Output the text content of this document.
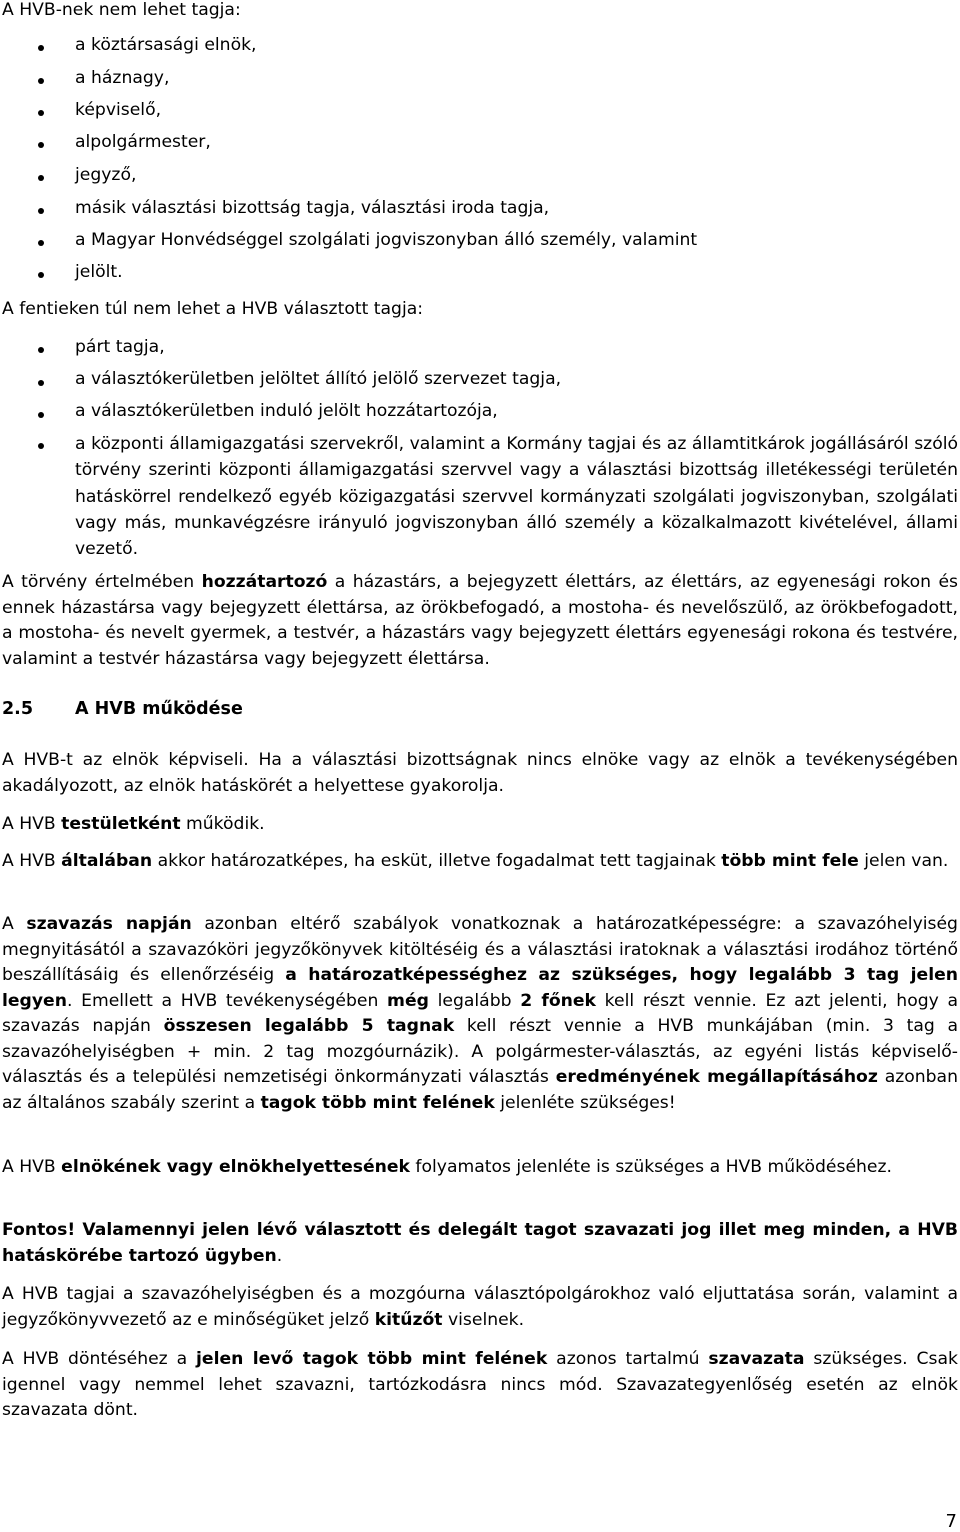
A HVB-nek nem lehet tagja:

a köztársasági elnök,
a háznagy,
képviselő,
alpolgármester,
jegyző,
másik választási bizottság tagja, választási iroda tagja,
a Magyar Honvédséggel szolgálati jogviszonyban álló személy, valamint
jelölt.

A fentieken túl nem lehet a HVB választott tagja:

párt tagja,
a választókerületben jelöltet állító jelölő szervezet tagja,
a választókerületben induló jelölt hozzátartozója,
a központi államigazgatási szervekről, valamint a Kormány tagjai és az államtitkárok jogállásáról szóló törvény szerinti központi államigazgatási szervvel vagy a választási bizottság illetékességi területén hatáskörrel rendelkező egyéb közigazgatási szervvel kormányzati szolgálati jogviszonyban, szolgálati vagy más, munkavégzésre irányuló jogviszonyban álló személy a közalkalmazott kivételével, állami vezető.

A törvény értelmében hozzátartozó a házastárs, a bejegyzett élettárs, az élettárs, az egyenesági rokon és ennek házastársa vagy bejegyzett élettársa, az örökbefogadó, a mostoha- és nevelőszülő, az örökbefogadott, a mostoha- és nevelt gyermek, a testvér, a házastárs vagy bejegyzett élettárs egyenesági rokona és testvére, valamint a testvér házastársa vagy bejegyzett élettársa.

2.5 A HVB működése

A HVB-t az elnök képviseli. Ha a választási bizottságnak nincs elnöke vagy az elnök a tevékenységében akadályozott, az elnök hatáskörét a helyettese gyakorolja.

A HVB testületként működik.

A HVB általában akkor határozatképes, ha esküt, illetve fogadalmat tett tagjainak több mint fele jelen van.

A szavazás napján azonban eltérő szabályok vonatkoznak a határozatképességre: a szavazóhelyiség megnyitásától a szavazóköri jegyzőkönyvek kitöltéséig és a választási iratoknak a választási irodához történő beszállításáig és ellenőrzéséig a határozatképességhez az szükséges, hogy legalább 3 tag jelen legyen. Emellett a HVB tevékenységében még legalább 2 főnek kell részt vennie. Ez azt jelenti, hogy a szavazás napján összesen legalább 5 tagnak kell részt vennie a HVB munkájában (min. 3 tag a szavazóhelyiségben + min. 2 tag mozgóurnázik). A polgármester-választás, az egyéni listás képviselő-választás és a települési nemzetiségi önkormányzati választás eredményének megállapításához azonban az általános szabály szerint a tagok több mint felének jelenléte szükséges!

A HVB elnökének vagy elnökhelyettesének folyamatos jelenléte is szükséges a HVB működéséhez.

Fontos! Valamennyi jelen lévő választott és delegált tagot szavazati jog illet meg minden, a HVB hatáskörébe tartozó ügyben.

A HVB tagjai a szavazóhelyiségben és a mozgóurna választópolgárokhoz való eljuttatása során, valamint a jegyzőkönyvvezető az e minőségüket jelző kitűzőt viselnek.

A HVB döntéséhez a jelen levő tagok több mint felének azonos tartalmú szavazata szükséges. Csak igennel vagy nemmel lehet szavazni, tartózkodásra nincs mód. Szavazategyenlőség esetén az elnök szavazata dönt.

7
